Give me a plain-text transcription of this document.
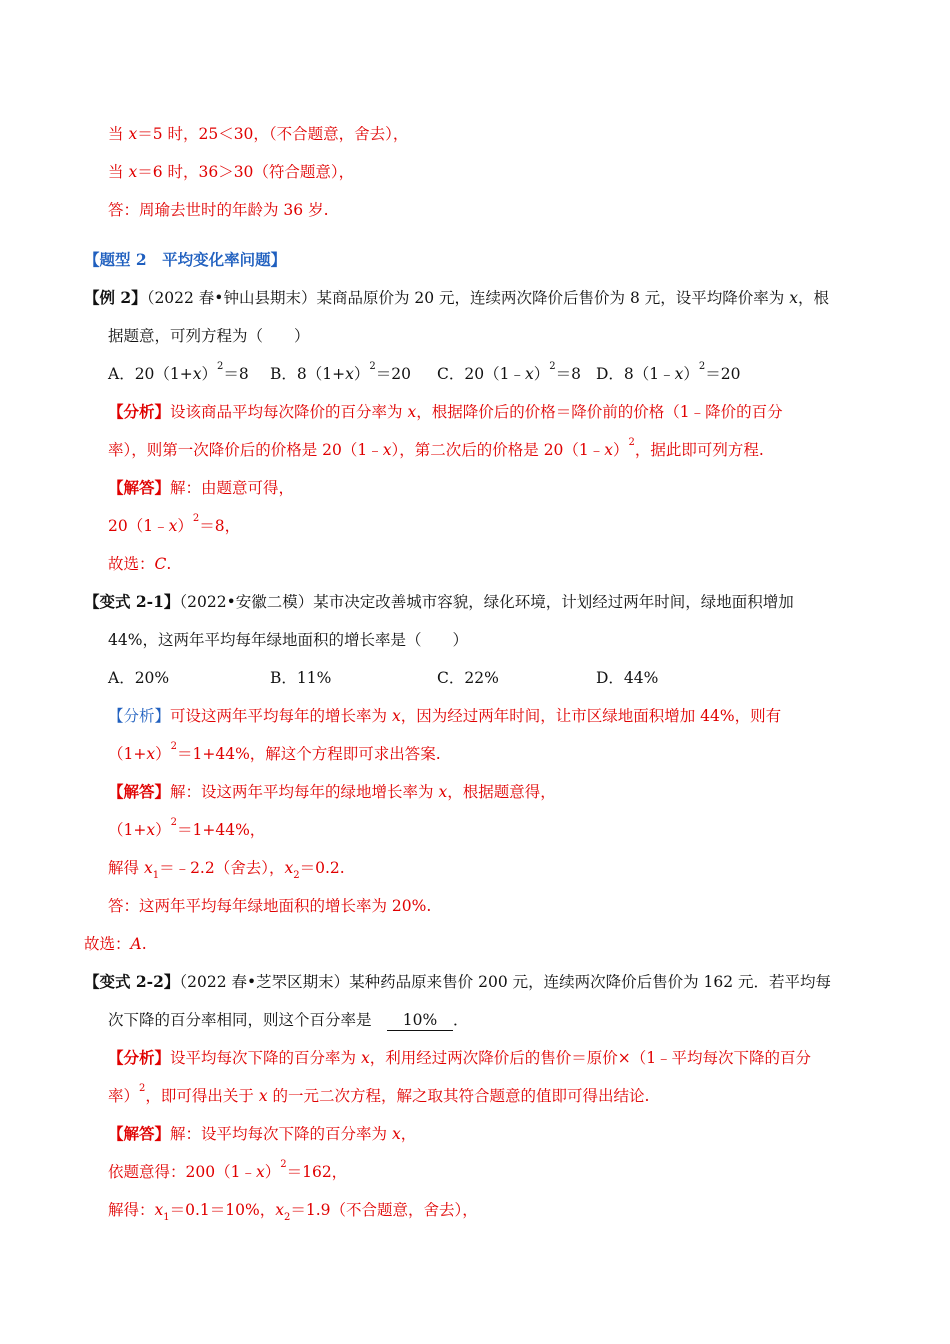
当 x＝5 时，25＜30，（不合题意，舍去），
当 x＝6 时，36＞30（符合题意），
答：周瑜去世时的年龄为 36 岁.
【题型 2　平均变化率问题】
【例 2】（2022 春•钟山县期末）某商品原价为 20 元，连续两次降价后售价为 8 元，设平均降价率为 x，根
据题意，可列方程为（　　）
A．$20(1+x)^2=8$ B．$8(1+x)^2=20$ C．20（1﹣x）$^2$＝8 D．8（1﹣x）$^2$＝20
【分析】设该商品平均每次降价的百分率为 x，根据降价后的价格＝降价前的价格（1﹣降价的百分
率），则第一次降价后的价格是 20（1﹣x），第二次后的价格是 20（1﹣x）$^2$，据此即可列方程.
【解答】解：由题意可得，
20（1﹣x）$^2$＝8，
故选：C.
【变式 2-1】（2022•安徽二模）某市决定改善城市容貌，绿化环境，计划经过两年时间，绿地面积增加
44%，这两年平均每年绿地面积的增长率是（　　）
A．20%	B．11%	C．22%	D．44%
【分析】可设这两年平均每年的增长率为 x，因为经过两年时间，让市区绿地面积增加 44%，则有
$(1+x)^2=1+44\%$，解这个方程即可求出答案.
【解答】解：设这两年平均每年的绿地增长率为 x，根据题意得，
$(1+x)^2=1+44\%$，
解得 $x_1=﹣2.2$（舍去），$x_2=0.2$.
答：这两年平均每年绿地面积的增长率为 20%.
故选：A.
【变式 2-2】（2022 春•芝罘区期末）某种药品原来售价 200 元，连续两次降价后售价为 162 元．若平均每
次下降的百分率相同，则这个百分率是　 10% ．
【分析】设平均每次下降的百分率为 x，利用经过两次降价后的售价＝原价×（1﹣平均每次下降的百分
率）$^2$，即可得出关于 x 的一元二次方程，解之取其符合题意的值即可得出结论.
【解答】解：设平均每次下降的百分率为 x，
依题意得：200（1﹣x）$^2$＝162，
解得：$x_1=0.1=10\%$，$x_2=1.9$（不合题意，舍去），
